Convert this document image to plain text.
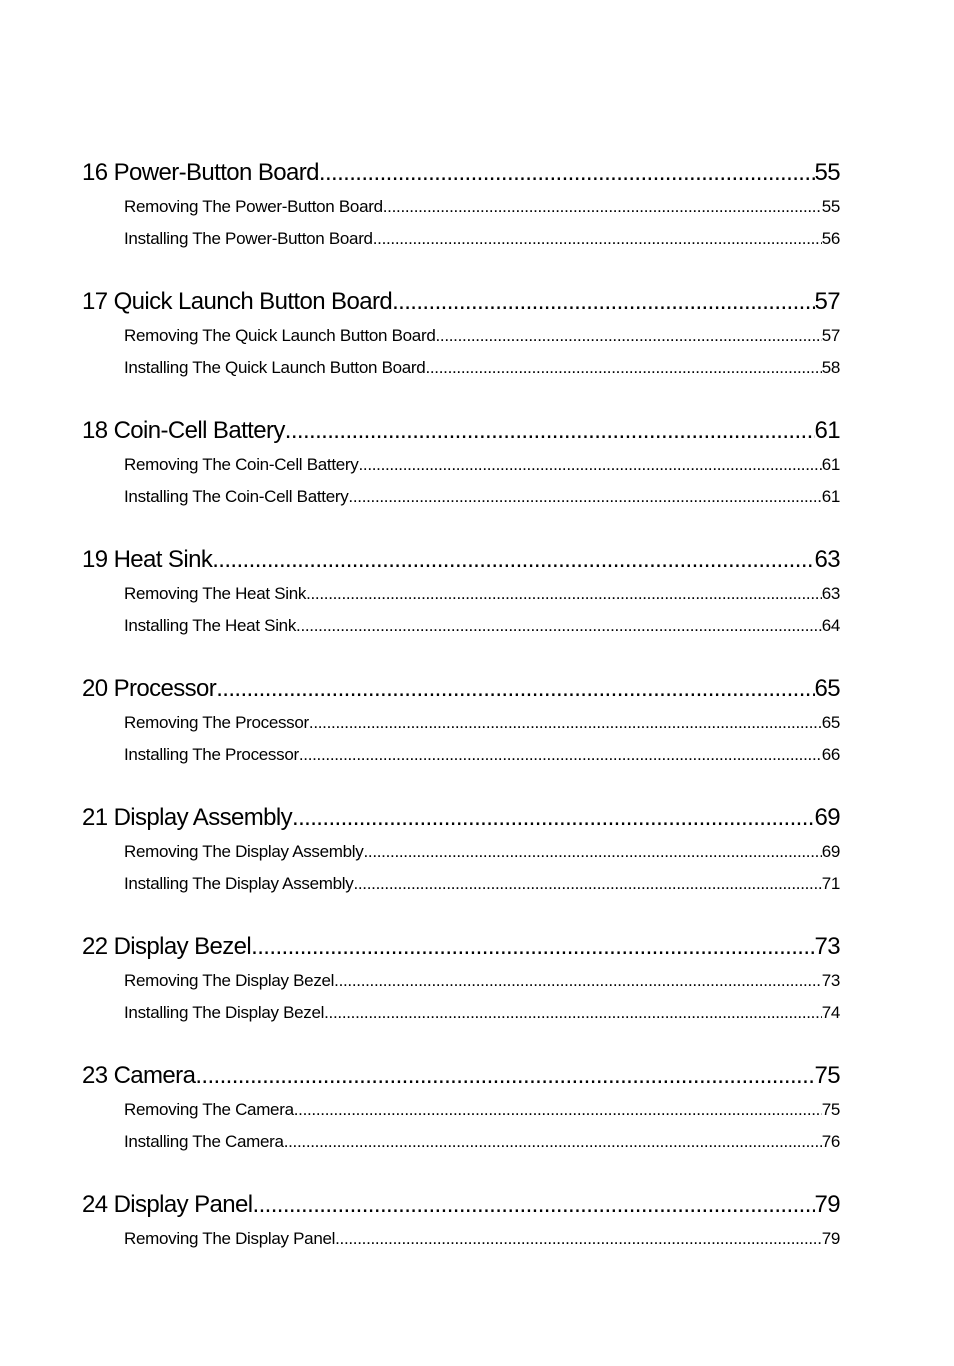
16 Power-Button Board .....	55
Removing The Power-Button Board .....	55
Installing The Power-Button Board .....	56
17 Quick Launch Button Board .....	57
Removing The Quick Launch Button Board .....	57
Installing The Quick Launch Button Board .....	58
18 Coin-Cell Battery .....	61
Removing The Coin-Cell Battery .....	61
Installing The Coin-Cell Battery .....	61
19 Heat Sink .....	63
Removing The Heat Sink .....	63
Installing The Heat Sink .....	64
20 Processor .....	65
Removing The Processor .....	65
Installing The Processor .....	66
21 Display Assembly .....	69
Removing The Display Assembly .....	69
Installing The Display Assembly .....	71
22 Display Bezel .....	73
Removing The Display Bezel .....	73
Installing The Display Bezel .....	74
23 Camera .....	75
Removing The Camera .....	75
Installing The Camera .....	76
24 Display Panel .....	79
Removing The Display Panel .....	79
